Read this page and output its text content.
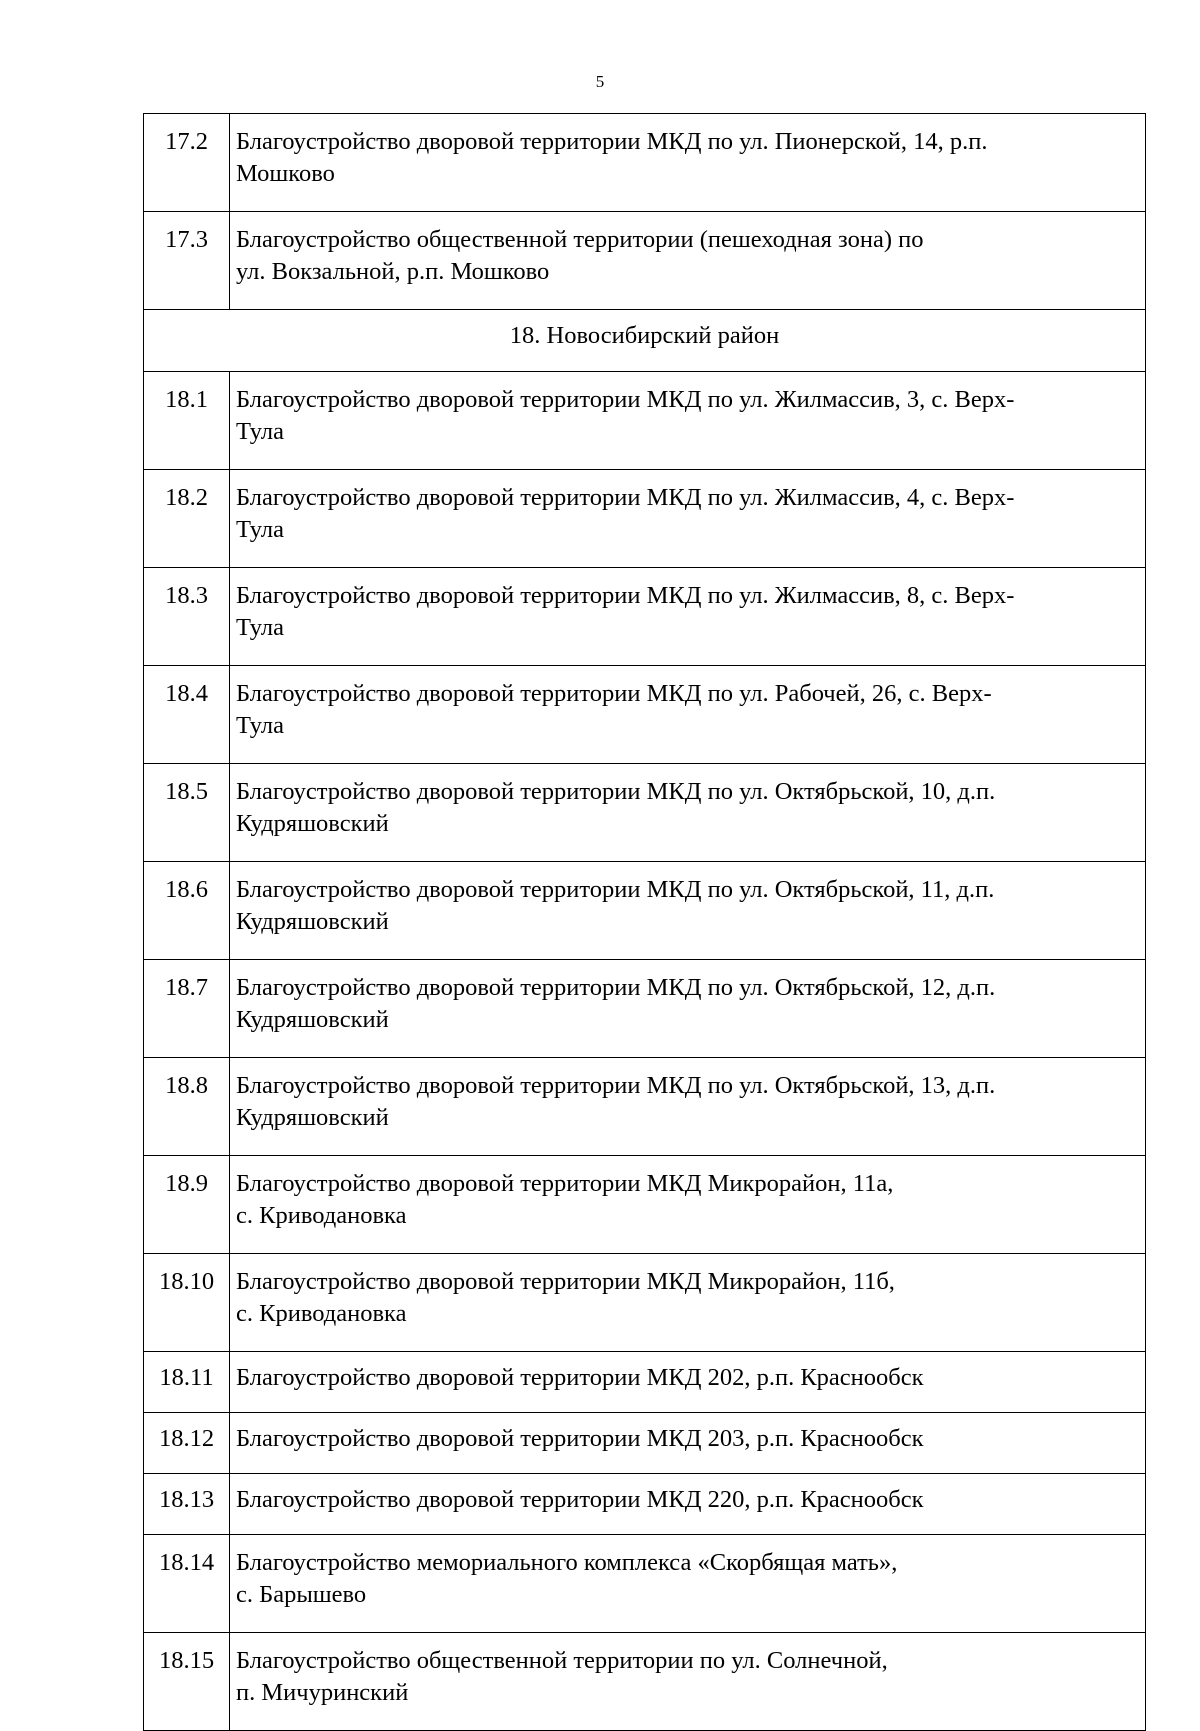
5
17.2	Благоустройство дворовой территории МКД по ул. Пионерской, 14, р.п.
Мошково

17.3	Благоустройство общественной территории (пешеходная зона) по
ул. Вокзальной, р.п. Мошково

18. Новосибирский район	
18.1	Благоустройство дворовой территории МКД по ул. Жилмассив, 3, с. Верх-
Тула

18.2	Благоустройство дворовой территории МКД по ул. Жилмассив, 4, с. Верх-
Тула

18.3	Благоустройство дворовой территории МКД по ул. Жилмассив, 8, с. Верх-
Тула

18.4	Благоустройство дворовой территории МКД по ул. Рабочей, 26, с. Верх-
Тула

18.5	Благоустройство дворовой территории МКД по ул. Октябрьской, 10, д.п.
Кудряшовский

18.6	Благоустройство дворовой территории МКД по ул. Октябрьской, 11, д.п.
Кудряшовский

18.7	Благоустройство дворовой территории МКД по ул. Октябрьской, 12, д.п.
Кудряшовский

18.8	Благоустройство дворовой территории МКД по ул. Октябрьской, 13, д.п.
Кудряшовский

18.9	Благоустройство дворовой территории МКД Микрорайон, 11а,
с. Криводановка

18.10	Благоустройство дворовой территории МКД Микрорайон, 11б,
с. Криводановка

18.11	Благоустройство дворовой территории МКД 202, р.п. Краснообск

18.12	Благоустройство дворовой территории МКД 203, р.п. Краснообск

18.13	Благоустройство дворовой территории МКД 220, р.п. Краснообск

18.14	Благоустройство мемориального комплекса «Скорбящая мать»,
с. Барышево

18.15	Благоустройство общественной территории по ул. Солнечной,
п. Мичуринский
